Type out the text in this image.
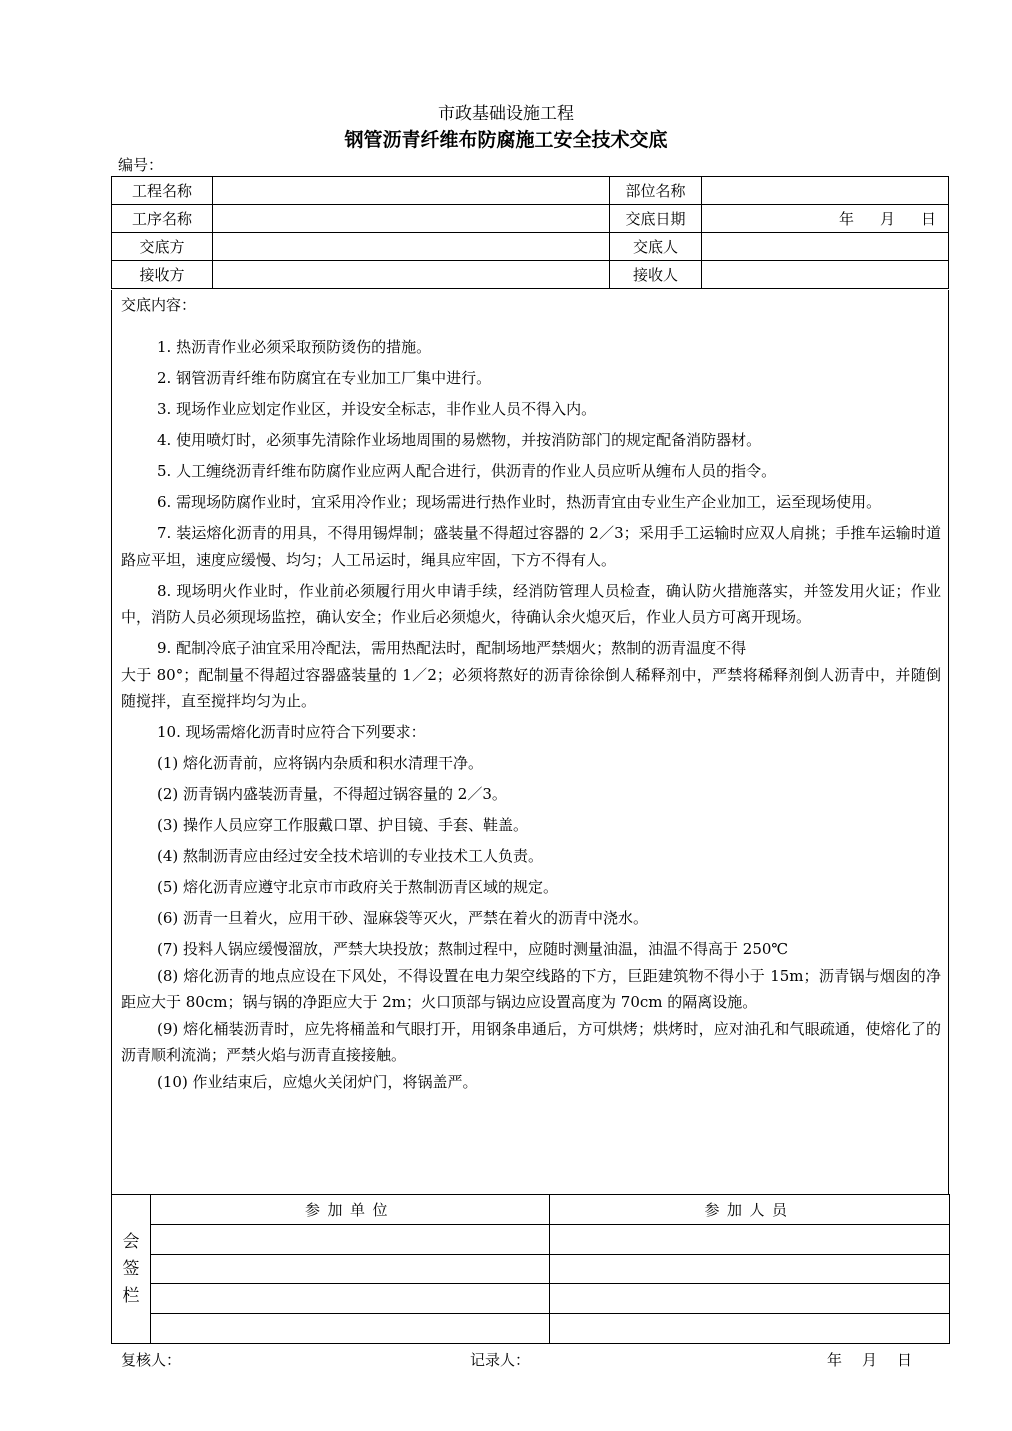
市政基础设施工程
钢管沥青纤维布防腐施工安全技术交底
编号：
工程名称		部位名称	
工序名称		交底日期	年 月 日
交底方		交底人	
接收方		接收人	
交底内容：

1. 热沥青作业必须采取预防烫伤的措施。

2. 钢管沥青纤维布防腐宜在专业加工厂集中进行。

3. 现场作业应划定作业区，并设安全标志，非作业人员不得入内。

4. 使用喷灯时，必须事先清除作业场地周围的易燃物，并按消防部门的规定配备消防器材。

5. 人工缠绕沥青纤维布防腐作业应两人配合进行，供沥青的作业人员应听从缠布人员的指令。

6. 需现场防腐作业时，宜采用冷作业；现场需进行热作业时，热沥青宜由专业生产企业加工，运至现场使用。

7. 装运熔化沥青的用具，不得用锡焊制；盛装量不得超过容器的 2／3；采用手工运输时应双人肩挑；手推车运输时道路应平坦，速度应缓慢、均匀；人工吊运时，绳具应牢固，下方不得有人。

8. 现场明火作业时，作业前必须履行用火申请手续，经消防管理人员检查，确认防火措施落实，并签发用火证；作业中，消防人员必须现场监控，确认安全；作业后必须熄火，待确认余火熄灭后，作业人员方可离开现场。

9. 配制冷底子油宜采用冷配法，需用热配法时，配制场地严禁烟火；熬制的沥青温度不得

大于 80°；配制量不得超过容器盛装量的 1／2；必须将熬好的沥青徐徐倒人稀释剂中，严禁将稀释剂倒人沥青中，并随倒随搅拌，直至搅拌均匀为止。

10. 现场需熔化沥青时应符合下列要求：

(1) 熔化沥青前，应将锅内杂质和积水清理干净。

(2) 沥青锅内盛装沥青量，不得超过锅容量的 2／3。

(3) 操作人员应穿工作服戴口罩、护目镜、手套、鞋盖。

(4) 熬制沥青应由经过安全技术培训的专业技术工人负责。

(5) 熔化沥青应遵守北京市市政府关于熬制沥青区域的规定。

(6) 沥青一旦着火，应用干砂、湿麻袋等灭火，严禁在着火的沥青中浇水。

(7) 投料人锅应缓慢溜放，严禁大块投放；熬制过程中，应随时测量油温，油温不得高于 250℃

(8) 熔化沥青的地点应设在下风处，不得设置在电力架空线路的下方，巨距建筑物不得小于 15m；沥青锅与烟囱的净距应大于 80cm；锅与锅的净距应大于 2m；火口顶部与锅边应设置高度为 70cm 的隔离设施。

(9) 熔化桶装沥青时，应先将桶盖和气眼打开，用钢条串通后，方可烘烤；烘烤时，应对油孔和气眼疏通，使熔化了的沥青顺利流淌；严禁火焰与沥青直接接触。

(10) 作业结束后，应熄火关闭炉门，将锅盖严。

会
签
栏	参加单位	参加人员

复核人：	记录人：	年 月 日
